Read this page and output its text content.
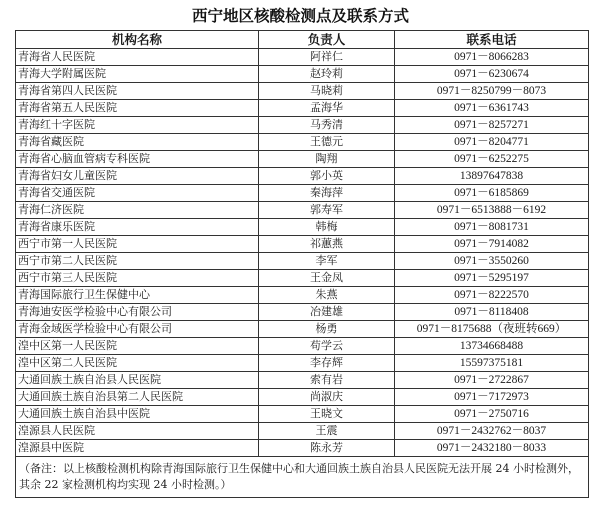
西宁地区核酸检测点及联系方式
机构名称	负责人	联系电话
青海省人民医院	阿祥仁	0971－8066283
青海大学附属医院	赵玲莉	0971－6230674
青海省第四人民医院	马晓莉	0971－8250799－8073
青海省第五人民医院	孟海华	0971－6361743
青海红十字医院	马秀清	0971－8257271
青海省藏医院	王德元	0971－8204771
青海省心脑血管病专科医院	陶翔	0971－6252275
青海省妇女儿童医院	郭小英	13897647838
青海省交通医院	秦海萍	0971－6185869
青海仁济医院	郭寿军	0971－6513888－6192
青海省康乐医院	韩梅	0971－8081731
西宁市第一人民医院	祁蕙燕	0971－7914082
西宁市第二人民医院	李军	0971－3550260
西宁市第三人民医院	王金凤	0971－5295197
青海国际旅行卫生保健中心	朱燕	0971－8222570
青海迪安医学检验中心有限公司	冶建雄	0971－8118408
青海金域医学检验中心有限公司	杨勇	0971－8175688（夜班转669）
湟中区第一人民医院	苟学云	13734668488
湟中区第二人民医院	李存辉	15597375181
大通回族土族自治县人民医院	索有岩	0971－2722867
大通回族土族自治县第二人民医院	尚淑庆	0971－7172973
大通回族土族自治县中医院	王晓文	0971－2750716
湟源县人民医院	王震	0971－2432762－8037
湟源县中医院	陈永芳	0971－2432180－8033
（备注：以上核酸检测机构除青海国际旅行卫生保健中心和大通回族土族自治县人民医院无法开展 24 小时检测外，其余 22 家检测机构均实现 24 小时检测。）		
